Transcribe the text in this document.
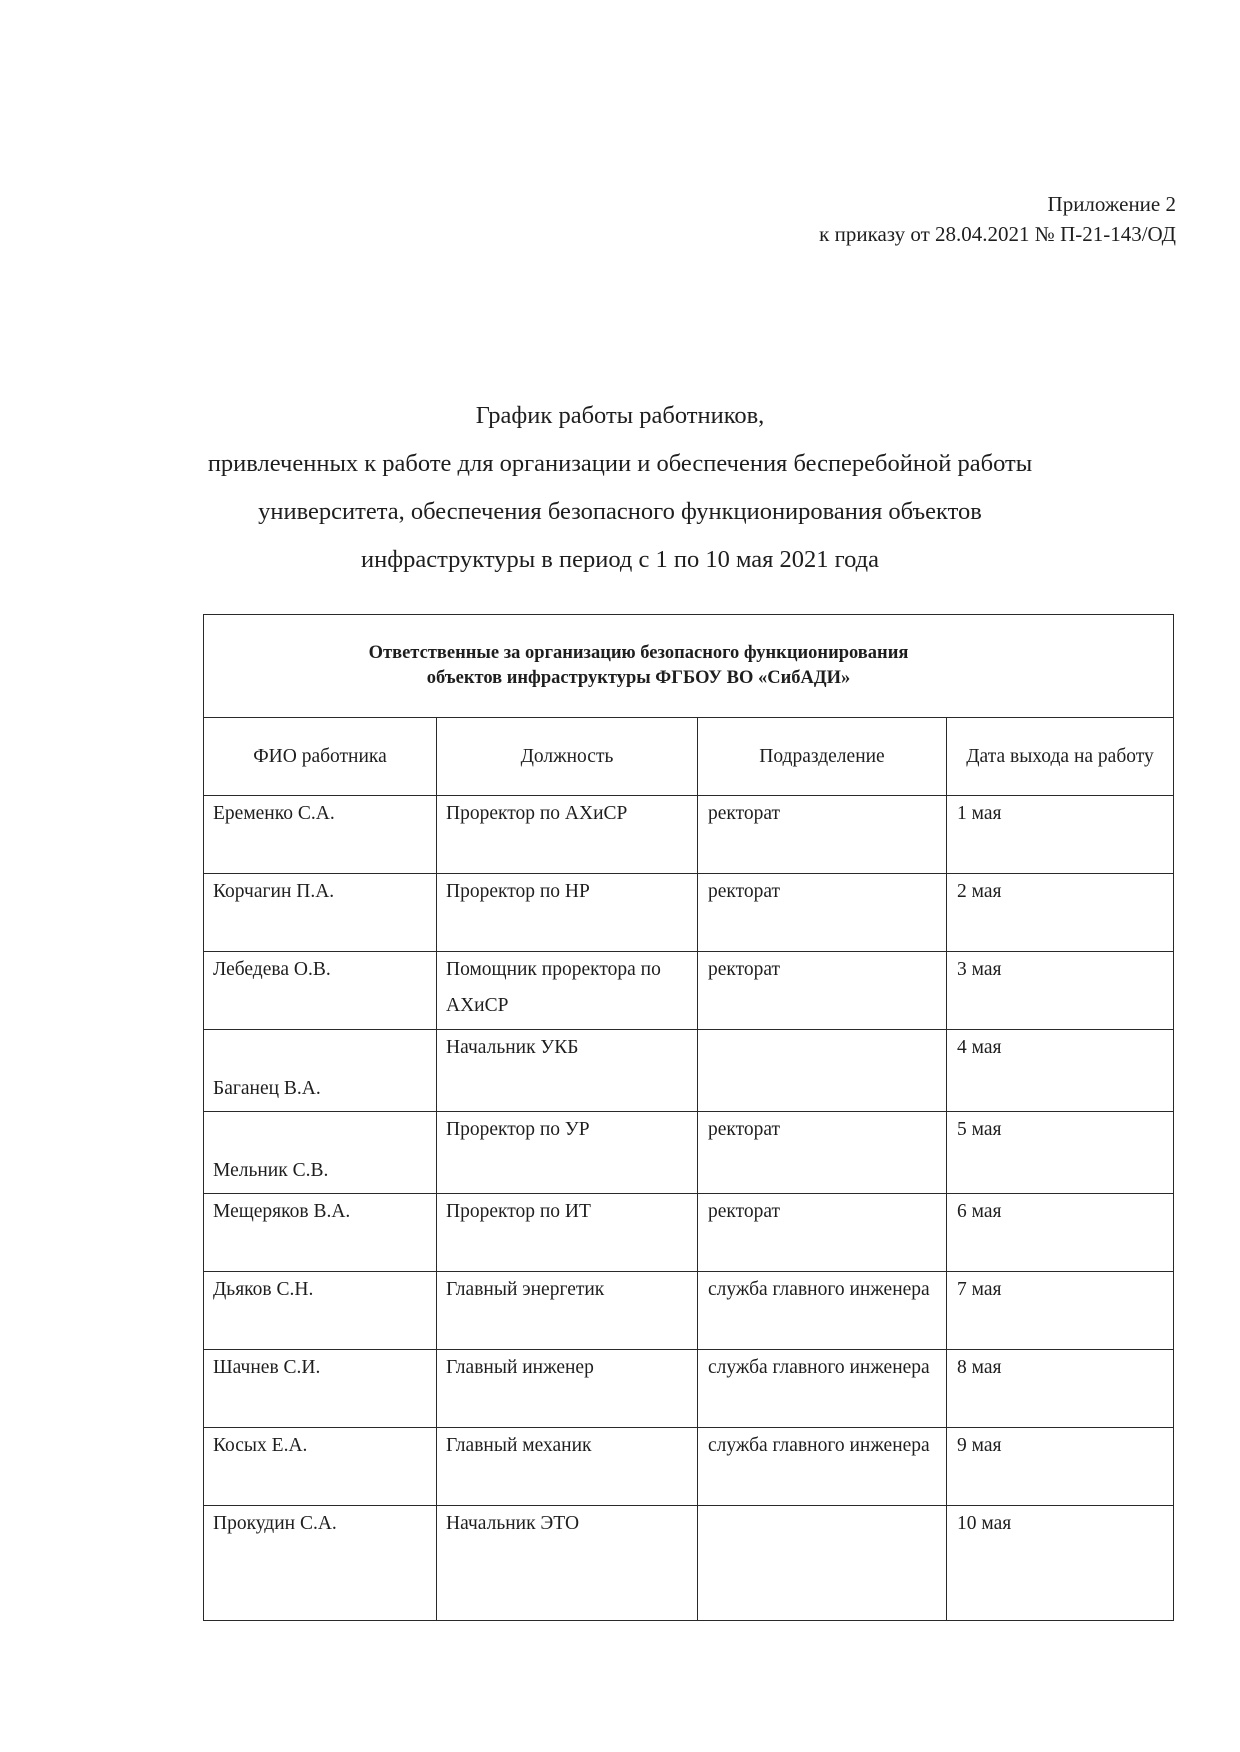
Приложение 2
к приказу от 28.04.2021 № П-21-143/ОД
График работы работников,
привлеченных к работе для организации и обеспечения бесперебойной работы
университета, обеспечения безопасного функционирования объектов
инфраструктуры в период с 1 по 10 мая 2021 года
Ответственные за организацию безопасного функционирования
объектов инфраструктуры ФГБОУ ВО «СибАДИ»			

ФИО работника	Должность	Подразделение	Дата выхода на работу
Еременко С.А.	Проректор по АХиСР	ректорат	1 мая
Корчагин П.А.	Проректор по НР	ректорат	2 мая
Лебедева О.В.	Помощник проректора по АХиСР	ректорат	3 мая
Баганец В.А.	Начальник УКБ		4 мая
Мельник С.В.	Проректор по УР	ректорат	5 мая
Мещеряков В.А.	Проректор по ИТ	ректорат	6 мая
Дьяков С.Н.	Главный энергетик	служба главного инженера	7 мая
Шачнев С.И.	Главный инженер	служба главного инженера	8 мая
Косых Е.А.	Главный механик	служба главного инженера	9 мая
Прокудин С.А.	Начальник ЭТО		10 мая
